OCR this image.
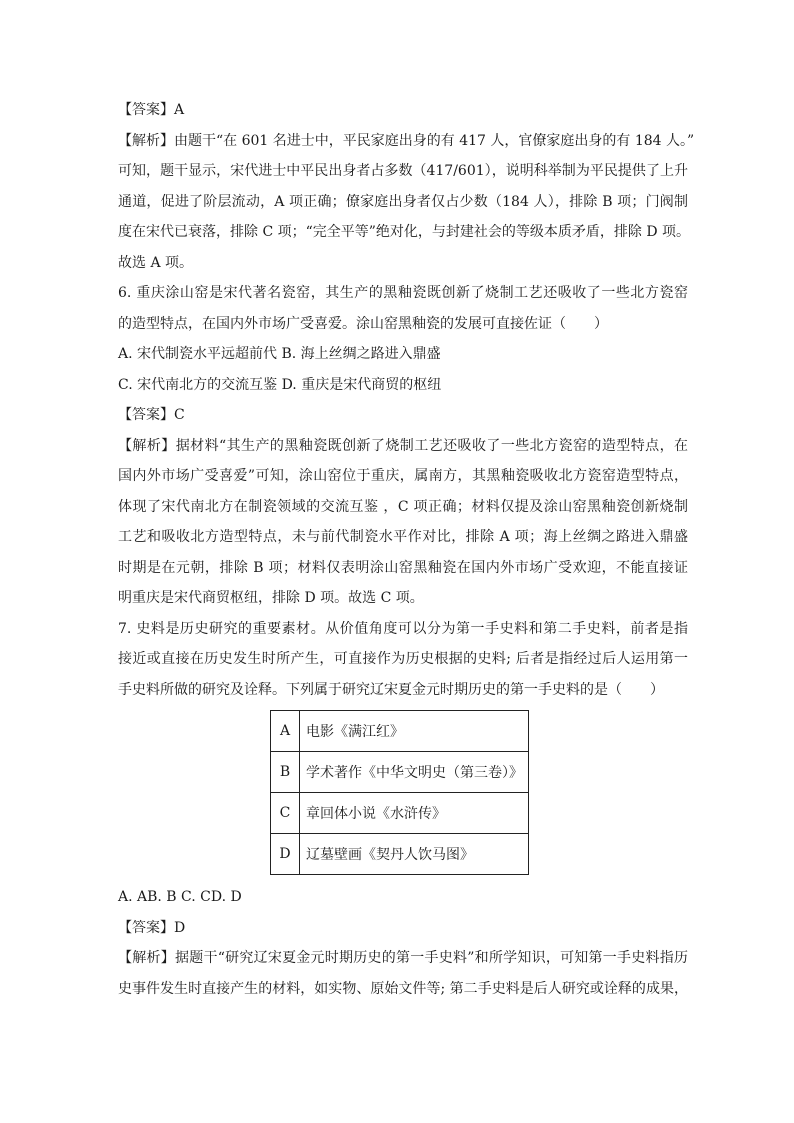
【答案】A
【解析】由题干“在 601 名进士中，平民家庭出身的有 417 人，官僚家庭出身的有 184 人。”
可知，题干显示，宋代进士中平民出身者占多数（417/601），说明科举制为平民提供了上升
通道，促进了阶层流动，A 项正确；僚家庭出身者仅占少数（184 人），排除 B 项；门阀制
度在宋代已衰落，排除 C 项；“完全平等”绝对化，与封建社会的等级本质矛盾，排除 D 项。
故选 A 项。
6. 重庆涂山窑是宋代著名瓷窑，其生产的黑釉瓷既创新了烧制工艺还吸收了一些北方瓷窑
的造型特点，在国内外市场广受喜爱。涂山窑黑釉瓷的发展可直接佐证（　　）
A. 宋代制瓷水平远超前代 B. 海上丝绸之路进入鼎盛
C. 宋代南北方的交流互鉴 D. 重庆是宋代商贸的枢纽
【答案】C
【解析】据材料“其生产的黑釉瓷既创新了烧制工艺还吸收了一些北方瓷窑的造型特点，在
国内外市场广受喜爱”可知，涂山窑位于重庆，属南方，其黑釉瓷吸收北方瓷窑造型特点，
体现了宋代南北方在制瓷领域的交流互鉴 ，C 项正确；材料仅提及涂山窑黑釉瓷创新烧制
工艺和吸收北方造型特点，未与前代制瓷水平作对比，排除 A 项；海上丝绸之路进入鼎盛
时期是在元朝，排除 B 项；材料仅表明涂山窑黑釉瓷在国内外市场广受欢迎，不能直接证
明重庆是宋代商贸枢纽，排除 D 项。故选 C 项。
7. 史料是历史研究的重要素材。从价值角度可以分为第一手史料和第二手史料，前者是指
接近或直接在历史发生时所产生，可直接作为历史根据的史料; 后者是指经过后人运用第一
手史料所做的研究及诠释。下列属于研究辽宋夏金元时期历史的第一手史料的是（　　）
A	电影《满江红》
B	学术著作《中华文明史（第三卷）》
C	章回体小说《水浒传》
D	辽墓壁画《契丹人饮马图》
A. AB. B C. CD. D
【答案】D
【解析】据题干“研究辽宋夏金元时期历史的第一手史料”和所学知识，可知第一手史料指历
史事件发生时直接产生的材料，如实物、原始文件等; 第二手史料是后人研究或诠释的成果，
